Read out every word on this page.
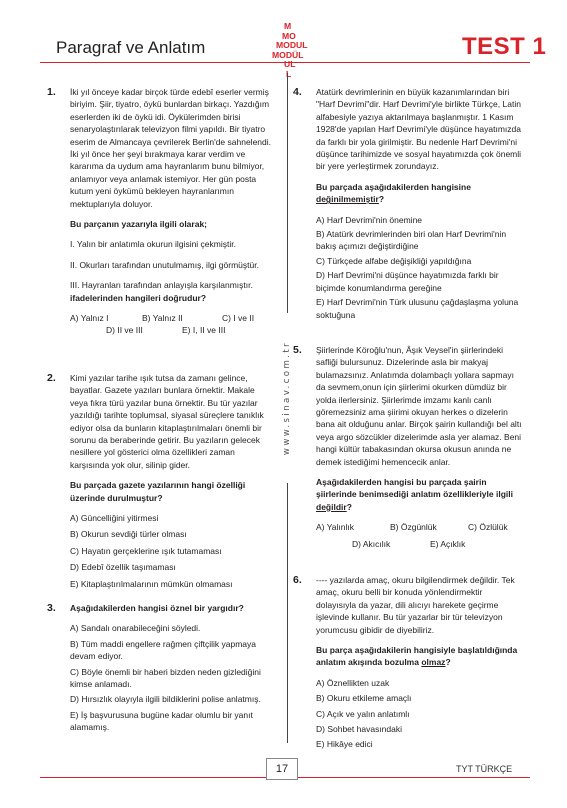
Paragraf ve Anlatım
M
MO
MODUL
MODÜL
UL
L
TEST 1
www.sinav.com.tr
1. İki yıl önceye kadar birçok türde edebî eserler vermiş biriyim. Şiir, tiyatro, öykü bunlardan birkaçı. Yazdığım eserlerden iki de öykü idi. Öykülerimden birisi senaryolaştırılarak televizyon filmi yapıldı. Bir tiyatro eserim de Almancaya çevrilerek Berlin'de sahnelendi. İki yıl önce her şeyi bırakmaya karar verdim ve kararıma da uydum ama hayranlarım bunu bilmiyor, anlamıyor veya anlamak istemiyor. Her gün posta kutum yeni öykümü bekleyen hayranlarımın mektuplarıyla doluyor.

Bu parçanın yazarıyla ilgili olarak;

I. Yalın bir anlatımla okurun ilgisini çekmiştir.

II. Okurları tarafından unutulmamış, ilgi görmüştür.

III. Hayranları tarafından anlayışla karşılanmıştır.

ifadelerinden hangileri doğrudur?

A) Yalnız I	B) Yalnız II	C) I ve II
D) II ve III	E) I, II ve III
2. Kimi yazılar tarihe ışık tutsa da zamanı gelince, bayatlar. Gazete yazıları bunlara örnektir. Makale veya fıkra türü yazılar buna örnektir. Bu tür yazılar yazıldığı tarihte toplumsal, siyasal süreçlere tanıklık ediyor olsa da bunların kitaplaştırılmaları önemli bir sorunu da beraberinde getirir. Bu yazıların gelecek nesillere yol gösterici olma özellikleri zaman karşısında yok olur, silinip gider.

Bu parçada gazete yazılarının hangi özelliği üzerinde durulmuştur?

A) Güncelliğini yitirmesi

B) Okurun sevdiği türler olması

C) Hayatın gerçeklerine ışık tutamaması

D) Edebî özellik taşımaması

E) Kitaplaştırılmalarının mümkün olmaması

3. Aşağıdakilerden hangisi öznel bir yargıdır?

A) Sandalı onarabileceğini söyledi.

B) Tüm maddi engellere rağmen çiftçilik yapmaya devam ediyor.

C) Böyle önemli bir haberi bizden neden gizlediğini kimse anlamadı.

D) Hırsızlık olayıyla ilgili bildiklerini polise anlatmış.

E) İş başvurusuna bugüne kadar olumlu bir yanıt alamamış.

4. Atatürk devrimlerinin en büyük kazanımlarından biri "Harf Devrimi"dir. Harf Devrimi'yle birlikte Türkçe, Latin alfabesiyle yazıya aktarılmaya başlanmıştır. 1 Kasım 1928'de yapılan Harf Devrimi'yle düşünce hayatımızda da farklı bir yola girilmiştir. Bu nedenle Harf Devrimi'ni düşünce tarihimizde ve sosyal hayatımızda çok önemli bir yere yerleştirmek zorundayız.

Bu parçada aşağıdakilerden hangisine değinilmemiştir?

A) Harf Devrimi'nin önemine

B) Atatürk devrimlerinden biri olan Harf Devrimi'nin bakış açımızı değiştirdiğine

C) Türkçede alfabe değişikliği yapıldığına

D) Harf Devrimi'ni düşünce hayatımızda farklı bir biçimde konumlandırma gereğine

E) Harf Devrimi'nin Türk ulusunu çağdaşlaşma yoluna soktuğuna

5. Şiirlerinde Köroğlu'nun, Âşık Veysel'in şiirlerindeki safliği bulursunuz. Dizelerinde asla bir makyaj bulamazsınız. Anlatımda dolambaçlı yollara sapmayı da sevmem,onun için şiirlerimi okurken dümdüz bir yolda ilerlersiniz. Şiirlerimde imzamı kanlı canlı göremezsiniz ama şiirimi okuyan herkes o dizelerin bana ait olduğunu anlar. Birçok şairin kullandığı bel altı veya argo sözcükler dizelerimde asla yer alamaz. Beni hangi kültür tabakasından okursa okusun anında ne demek istediğimi hemencecik anlar.

Aşağıdakilerden hangisi bu parçada şairin şiirlerinde benimsediği anlatım özellikleriyle ilgili değildir?

A) Yalınlık	B) Özgünlük	C) Özlülük
D) Akıcılık	E) Açıklık
6. ---- yazılarda amaç, okuru bilgilendirmek değildir. Tek amaç, okuru belli bir konuda yönlendirmektir dolayısıyla da yazar, dili alıcıyı harekete geçirme işlevinde kullanır. Bu tür yazarlar bir tür televizyon yorumcusu gibidir de diyebiliriz.

Bu parça aşağıdakilerin hangisiyle başlatıldığında anlatım akışında bozulma olmaz?

A) Öznellikten uzak

B) Okuru etkileme amaçlı

C) Açık ve yalın anlatımlı

D) Sohbet havasındaki

E) Hikâye edici

17	TYT TÜRKÇE
